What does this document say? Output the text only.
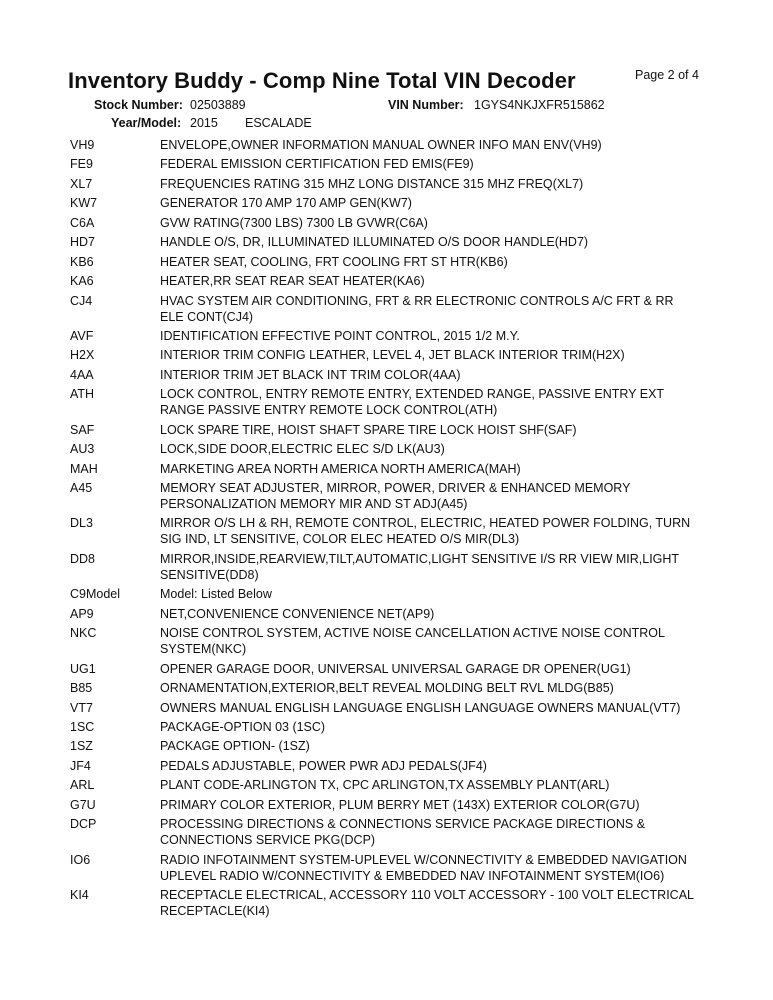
Inventory Buddy - Comp Nine Total VIN Decoder	Page 2 of 4
Stock Number: 02503889	VIN Number: 1GYS4NKJXFR515862
Year/Model: 2015 ESCALADE
VH9	ENVELOPE,OWNER INFORMATION MANUAL OWNER INFO MAN ENV(VH9)
FE9	FEDERAL EMISSION CERTIFICATION FED EMIS(FE9)
XL7	FREQUENCIES RATING 315 MHZ LONG DISTANCE 315 MHZ FREQ(XL7)
KW7	GENERATOR 170 AMP 170 AMP GEN(KW7)
C6A	GVW RATING(7300 LBS) 7300 LB GVWR(C6A)
HD7	HANDLE O/S, DR, ILLUMINATED ILLUMINATED O/S DOOR HANDLE(HD7)
KB6	HEATER SEAT, COOLING, FRT COOLING FRT ST HTR(KB6)
KA6	HEATER,RR SEAT REAR SEAT HEATER(KA6)
CJ4	HVAC SYSTEM AIR CONDITIONING, FRT & RR ELECTRONIC CONTROLS A/C FRT & RR ELE CONT(CJ4)
AVF	IDENTIFICATION EFFECTIVE POINT CONTROL, 2015 1/2 M.Y.
H2X	INTERIOR TRIM CONFIG LEATHER, LEVEL 4, JET BLACK INTERIOR TRIM(H2X)
4AA	INTERIOR TRIM JET BLACK INT TRIM COLOR(4AA)
ATH	LOCK CONTROL, ENTRY REMOTE ENTRY, EXTENDED RANGE, PASSIVE ENTRY EXT RANGE PASSIVE ENTRY REMOTE LOCK CONTROL(ATH)
SAF	LOCK SPARE TIRE, HOIST SHAFT SPARE TIRE LOCK HOIST SHF(SAF)
AU3	LOCK,SIDE DOOR,ELECTRIC ELEC S/D LK(AU3)
MAH	MARKETING AREA NORTH AMERICA NORTH AMERICA(MAH)
A45	MEMORY SEAT ADJUSTER, MIRROR, POWER, DRIVER & ENHANCED MEMORY PERSONALIZATION MEMORY MIR AND ST ADJ(A45)
DL3	MIRROR O/S LH & RH, REMOTE CONTROL, ELECTRIC, HEATED POWER FOLDING, TURN SIG IND, LT SENSITIVE, COLOR ELEC HEATED O/S MIR(DL3)
DD8	MIRROR,INSIDE,REARVIEW,TILT,AUTOMATIC,LIGHT SENSITIVE I/S RR VIEW MIR,LIGHT SENSITIVE(DD8)
C9Model	Model: Listed Below
AP9	NET,CONVENIENCE CONVENIENCE NET(AP9)
NKC	NOISE CONTROL SYSTEM, ACTIVE NOISE CANCELLATION ACTIVE NOISE CONTROL SYSTEM(NKC)
UG1	OPENER GARAGE DOOR, UNIVERSAL UNIVERSAL GARAGE DR OPENER(UG1)
B85	ORNAMENTATION,EXTERIOR,BELT REVEAL MOLDING BELT RVL MLDG(B85)
VT7	OWNERS MANUAL ENGLISH LANGUAGE ENGLISH LANGUAGE OWNERS MANUAL(VT7)
1SC	PACKAGE-OPTION 03 (1SC)
1SZ	PACKAGE OPTION- (1SZ)
JF4	PEDALS ADJUSTABLE, POWER PWR ADJ PEDALS(JF4)
ARL	PLANT CODE-ARLINGTON TX, CPC ARLINGTON,TX ASSEMBLY PLANT(ARL)
G7U	PRIMARY COLOR EXTERIOR, PLUM BERRY MET (143X) EXTERIOR COLOR(G7U)
DCP	PROCESSING DIRECTIONS & CONNECTIONS SERVICE PACKAGE DIRECTIONS & CONNECTIONS SERVICE PKG(DCP)
IO6	RADIO INFOTAINMENT SYSTEM-UPLEVEL W/CONNECTIVITY & EMBEDDED NAVIGATION UPLEVEL RADIO W/CONNECTIVITY & EMBEDDED NAV INFOTAINMENT SYSTEM(IO6)
KI4	RECEPTACLE ELECTRICAL, ACCESSORY 110 VOLT ACCESSORY - 100 VOLT ELECTRICAL RECEPTACLE(KI4)
